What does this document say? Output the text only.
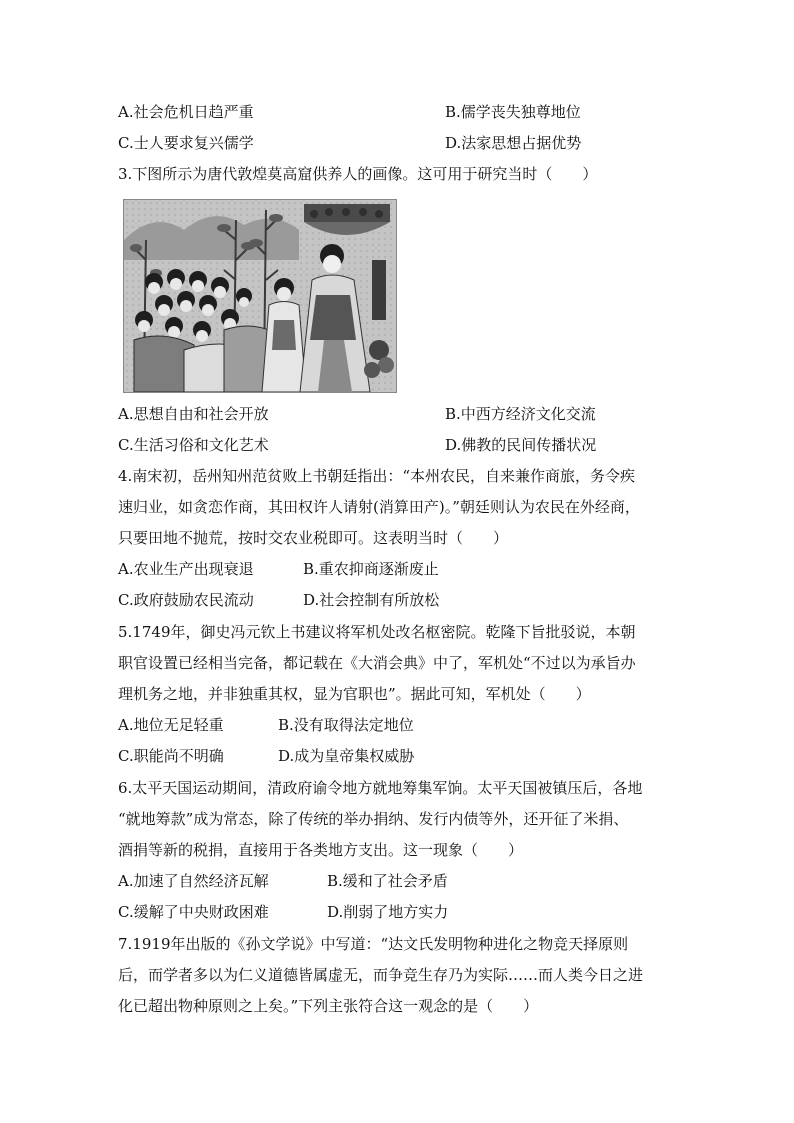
A.社会危机日趋严重	B.儒学丧失独尊地位
C.士人要求复兴儒学	D.法家思想占据优势
3.下图所示为唐代敦煌莫高窟供养人的画像。这可用于研究当时（　　）
A.思想自由和社会开放	B.中西方经济文化交流
C.生活习俗和文化艺术	D.佛教的民间传播状况
4.南宋初，岳州知州范贫败上书朝廷指出：“本州农民，自来兼作商旅，务令疾
速归业，如贪恋作商，其田权许人请射(消算田产)。”朝廷则认为农民在外经商，
只要田地不抛荒，按时交农业税即可。这表明当时（　　）
A.农业生产出现衰退	B.重农抑商逐渐废止
C.政府鼓励农民流动	D.社会控制有所放松
5.1749年，御史冯元钦上书建议将军机处改名枢密院。乾隆下旨批驳说，本朝
职官设置已经相当完备，都记载在《大消会典》中了，军机处“不过以为承旨办
理机务之地，并非独重其权，显为官职也”。据此可知，军机处（　　）
A.地位无足轻重	B.没有取得法定地位
C.职能尚不明确	D.成为皇帝集权威胁
6.太平天国运动期间，清政府谕令地方就地筹集军饷。太平天国被镇压后，各地
“就地筹款”成为常态，除了传统的举办捐纳、发行内债等外，还开征了米捐、
酒捐等新的税捐，直接用于各类地方支出。这一现象（　　）
A.加速了自然经济瓦解	B.缓和了社会矛盾
C.缓解了中央财政困难	D.削弱了地方实力
7.1919年出版的《孙文学说》中写道：“达文氏发明物种进化之物竞天择原则
后，而学者多以为仁义道德皆属虚无，而争竞生存乃为实际……而人类今日之进
化已超出物种原则之上矣。”下列主张符合这一观念的是（　　）
